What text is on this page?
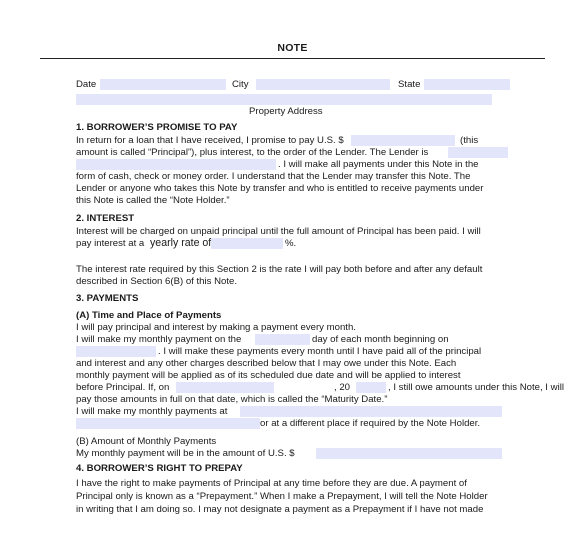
NOTE
Date	City	State
Property Address
1. BORROWER’S PROMISE TO PAY
In return for a loan that I have received, I promise to pay U.S. $	(this
amount is called “Principal”), plus interest, to the order of the Lender. The Lender is
. I will make all payments under this Note in the
form of cash, check or money order. I understand that the Lender may transfer this Note. The
Lender or anyone who takes this Note by transfer and who is entitled to receive payments under
this Note is called the “Note Holder.”
2. INTEREST
Interest will be charged on unpaid principal until the full amount of Principal has been paid. I will
pay interest at a yearly rate of	%.
The interest rate required by this Section 2 is the rate I will pay both before and after any default
described in Section 6(B) of this Note.
3. PAYMENTS
(A) Time and Place of Payments
I will pay principal and interest by making a payment every month.
I will make my monthly payment on the	day of each month beginning on
. I will make these payments every month until I have paid all of the principal
and interest and any other charges described below that I may owe under this Note. Each
monthly payment will be applied as of its scheduled due date and will be applied to interest
before Principal. If, on	, 20	, I still owe amounts under this Note, I will
pay those amounts in full on that date, which is called the “Maturity Date.”
I will make my monthly payments at
or at a different place if required by the Note Holder.
(B) Amount of Monthly Payments
My monthly payment will be in the amount of U.S. $
4. BORROWER’S RIGHT TO PREPAY
I have the right to make payments of Principal at any time before they are due. A payment of
Principal only is known as a “Prepayment.” When I make a Prepayment, I will tell the Note Holder
in writing that I am doing so. I may not designate a payment as a Prepayment if I have not made
